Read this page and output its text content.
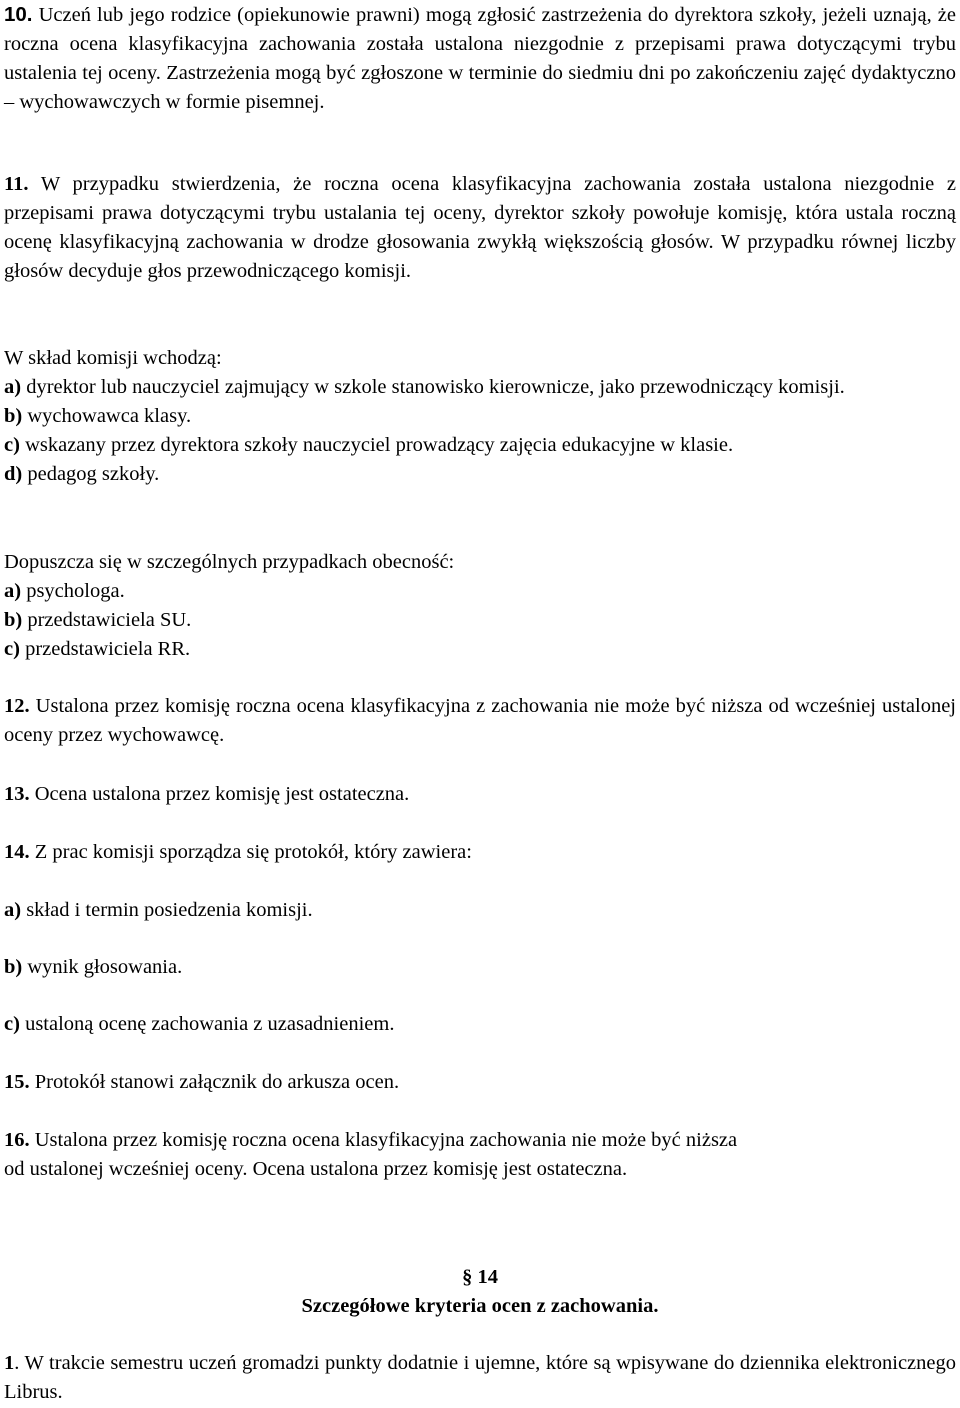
10. Uczeń lub jego rodzice (opiekunowie prawni) mogą zgłosić zastrzeżenia do dyrektora szkoły, jeżeli uznają, że roczna ocena klasyfikacyjna zachowania została ustalona niezgodnie z przepisami prawa dotyczącymi trybu ustalenia tej oceny. Zastrzeżenia mogą być zgłoszone w terminie do siedmiu dni po zakończeniu zajęć dydaktyczno – wychowawczych w formie pisemnej.

11. W przypadku stwierdzenia, że roczna ocena klasyfikacyjna zachowania została ustalona niezgodnie z przepisami prawa dotyczącymi trybu ustalania tej oceny, dyrektor szkoły powołuje komisję, która ustala roczną ocenę klasyfikacyjną zachowania w drodze głosowania zwykłą większością głosów. W przypadku równej liczby głosów decyduje głos przewodniczącego komisji.

W skład komisji wchodzą:
a) dyrektor lub nauczyciel zajmujący w szkole stanowisko kierownicze, jako przewodniczący komisji.
b) wychowawca klasy.
c) wskazany przez dyrektora szkoły nauczyciel prowadzący zajęcia edukacyjne w klasie.
d) pedagog szkoły.
Dopuszcza się w szczególnych przypadkach obecność:
a) psychologa.
b) przedstawiciela SU.
c) przedstawiciela RR.

12. Ustalona przez komisję roczna ocena klasyfikacyjna z zachowania nie może być niższa od wcześniej ustalonej oceny przez wychowawcę.

13. Ocena ustalona przez komisję jest ostateczna.

14. Z prac komisji sporządza się protokół, który zawiera:

a) skład i termin posiedzenia komisji.
b) wynik głosowania.
c) ustaloną ocenę zachowania z uzasadnieniem.

15. Protokół stanowi załącznik do arkusza ocen.

16. Ustalona przez komisję roczna ocena klasyfikacyjna zachowania nie może być niższa
od ustalonej wcześniej oceny. Ocena ustalona przez komisję jest ostateczna.
§ 14
Szczegółowe kryteria ocen z zachowania.

1. W trakcie semestru uczeń gromadzi punkty dodatnie i ujemne, które są wpisywane do dziennika elektronicznego Librus.
